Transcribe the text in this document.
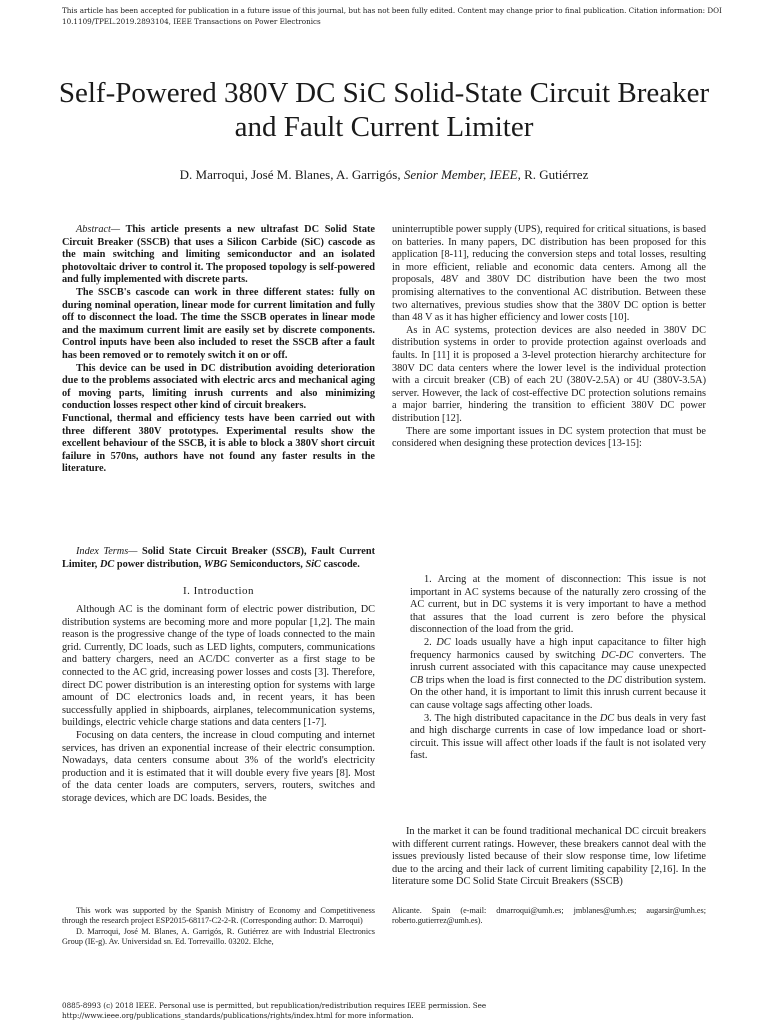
This article has been accepted for publication in a future issue of this journal, but has not been fully edited. Content may change prior to final publication. Citation information: DOI 10.1109/TPEL.2019.2893104, IEEE Transactions on Power Electronics
Self-Powered 380V DC SiC Solid-State Circuit Breaker and Fault Current Limiter
D. Marroqui, José M. Blanes, A. Garrigós, Senior Member, IEEE, R. Gutiérrez

Abstract— This article presents a new ultrafast DC Solid State Circuit Breaker (SSCB) that uses a Silicon Carbide (SiC) cascode as the main switching and limiting semiconductor and an isolated photovoltaic driver to control it. The proposed topology is self-powered and fully implemented with discrete parts.

The SSCB's cascode can work in three different states: fully on during nominal operation, linear mode for current limitation and fully off to disconnect the load. The time the SSCB operates in linear mode and the maximum current limit are easily set by discrete components. Control inputs have been also included to reset the SSCB after a fault has been removed or to remotely switch it on or off.

This device can be used in DC distribution avoiding deterioration due to the problems associated with electric arcs and mechanical aging of moving parts, limiting inrush currents and also minimizing conduction losses respect other kind of circuit breakers.

Functional, thermal and efficiency tests have been carried out with three different 380V prototypes. Experimental results show the excellent behaviour of the SSCB, it is able to block a 380V short circuit failure in 570ns, authors have not found any faster results in the literature.

Index Terms— Solid State Circuit Breaker (SSCB), Fault Current Limiter, DC power distribution, WBG Semiconductors, SiC cascode.

I. Introduction

Although AC is the dominant form of electric power distribution, DC distribution systems are becoming more and more popular [1,2]. The main reason is the progressive change of the type of loads connected to the main grid. Currently, DC loads, such as LED lights, computers, communications and battery chargers, need an AC/DC converter as a first stage to be connected to the AC grid, increasing power losses and costs [3]. Therefore, direct DC power distribution is an interesting option for systems with large amount of DC electronics loads and, in recent years, it has been successfully applied in shipboards, airplanes, telecommunication systems, buildings, electric vehicle charge stations and data centers [1-7].

Focusing on data centers, the increase in cloud computing and internet services, has driven an exponential increase of their electric consumption. Nowadays, data centers consume about 3% of the world's electricity production and it is estimated that it will double every five years [8]. Most of the data center loads are computers, servers, routers, switches and storage devices, which are DC loads. Besides, the

uninterruptible power supply (UPS), required for critical situations, is based on batteries. In many papers, DC distribution has been proposed for this application [8-11], reducing the conversion steps and total losses, resulting in more efficient, reliable and economic data centers. Among all the proposals, 48V and 380V DC distribution have been the two most promising alternatives to the conventional AC distribution. Between these two alternatives, previous studies show that the 380V DC option is better than 48 V as it has higher efficiency and lower costs [10].

As in AC systems, protection devices are also needed in 380V DC distribution systems in order to provide protection against overloads and faults. In [11] it is proposed a 3-level protection hierarchy architecture for 380V DC data centers where the lower level is the individual protection with a circuit breaker (CB) of each 2U (380V-2.5A) or 4U (380V-3.5A) server. However, the lack of cost-effective DC protection solutions remains a major barrier, hindering the transition to efficient 380V DC power distribution [12].

There are some important issues in DC system protection that must be considered when designing these protection devices [13-15]:

1. Arcing at the moment of disconnection: This issue is not important in AC systems because of the naturally zero crossing of the AC current, but in DC systems it is very important to have a method that assures that the load current is zero before the physical disconnection of the load from the grid.

2. DC loads usually have a high input capacitance to filter high frequency harmonics caused by switching DC-DC converters. The inrush current associated with this capacitance may cause unexpected CB trips when the load is first connected to the DC distribution system. On the other hand, it is important to limit this inrush current because it can cause voltage sags affecting other loads.

3. The high distributed capacitance in the DC bus deals in very fast and high discharge currents in case of low impedance load or short-circuit. This issue will affect other loads if the fault is not isolated very fast.

In the market it can be found traditional mechanical DC circuit breakers with different current ratings. However, these breakers cannot deal with the issues previously listed because of their slow response time, low lifetime due to the arcing and their lack of current limiting capability [2,16]. In the literature some DC Solid State Circuit Breakers (SSCB)

This work was supported by the Spanish Ministry of Economy and Competitiveness through the research project ESP2015-68117-C2-2-R. (Corresponding author: D. Marroqui)

D. Marroqui, José M. Blanes, A. Garrigós, R. Gutiérrez are with Industrial Electronics Group (IE-g). Av. Universidad sn. Ed. Torrevaillo. 03202. Elche,

Alicante. Spain (e-mail: dmarroqui@umh.es; jmblanes@umh.es; augarsir@umh.es; roberto.gutierrez@umh.es).
0885-8993 (c) 2018 IEEE. Personal use is permitted, but republication/redistribution requires IEEE permission. See http://www.ieee.org/publications_standards/publications/rights/index.html for more information.
